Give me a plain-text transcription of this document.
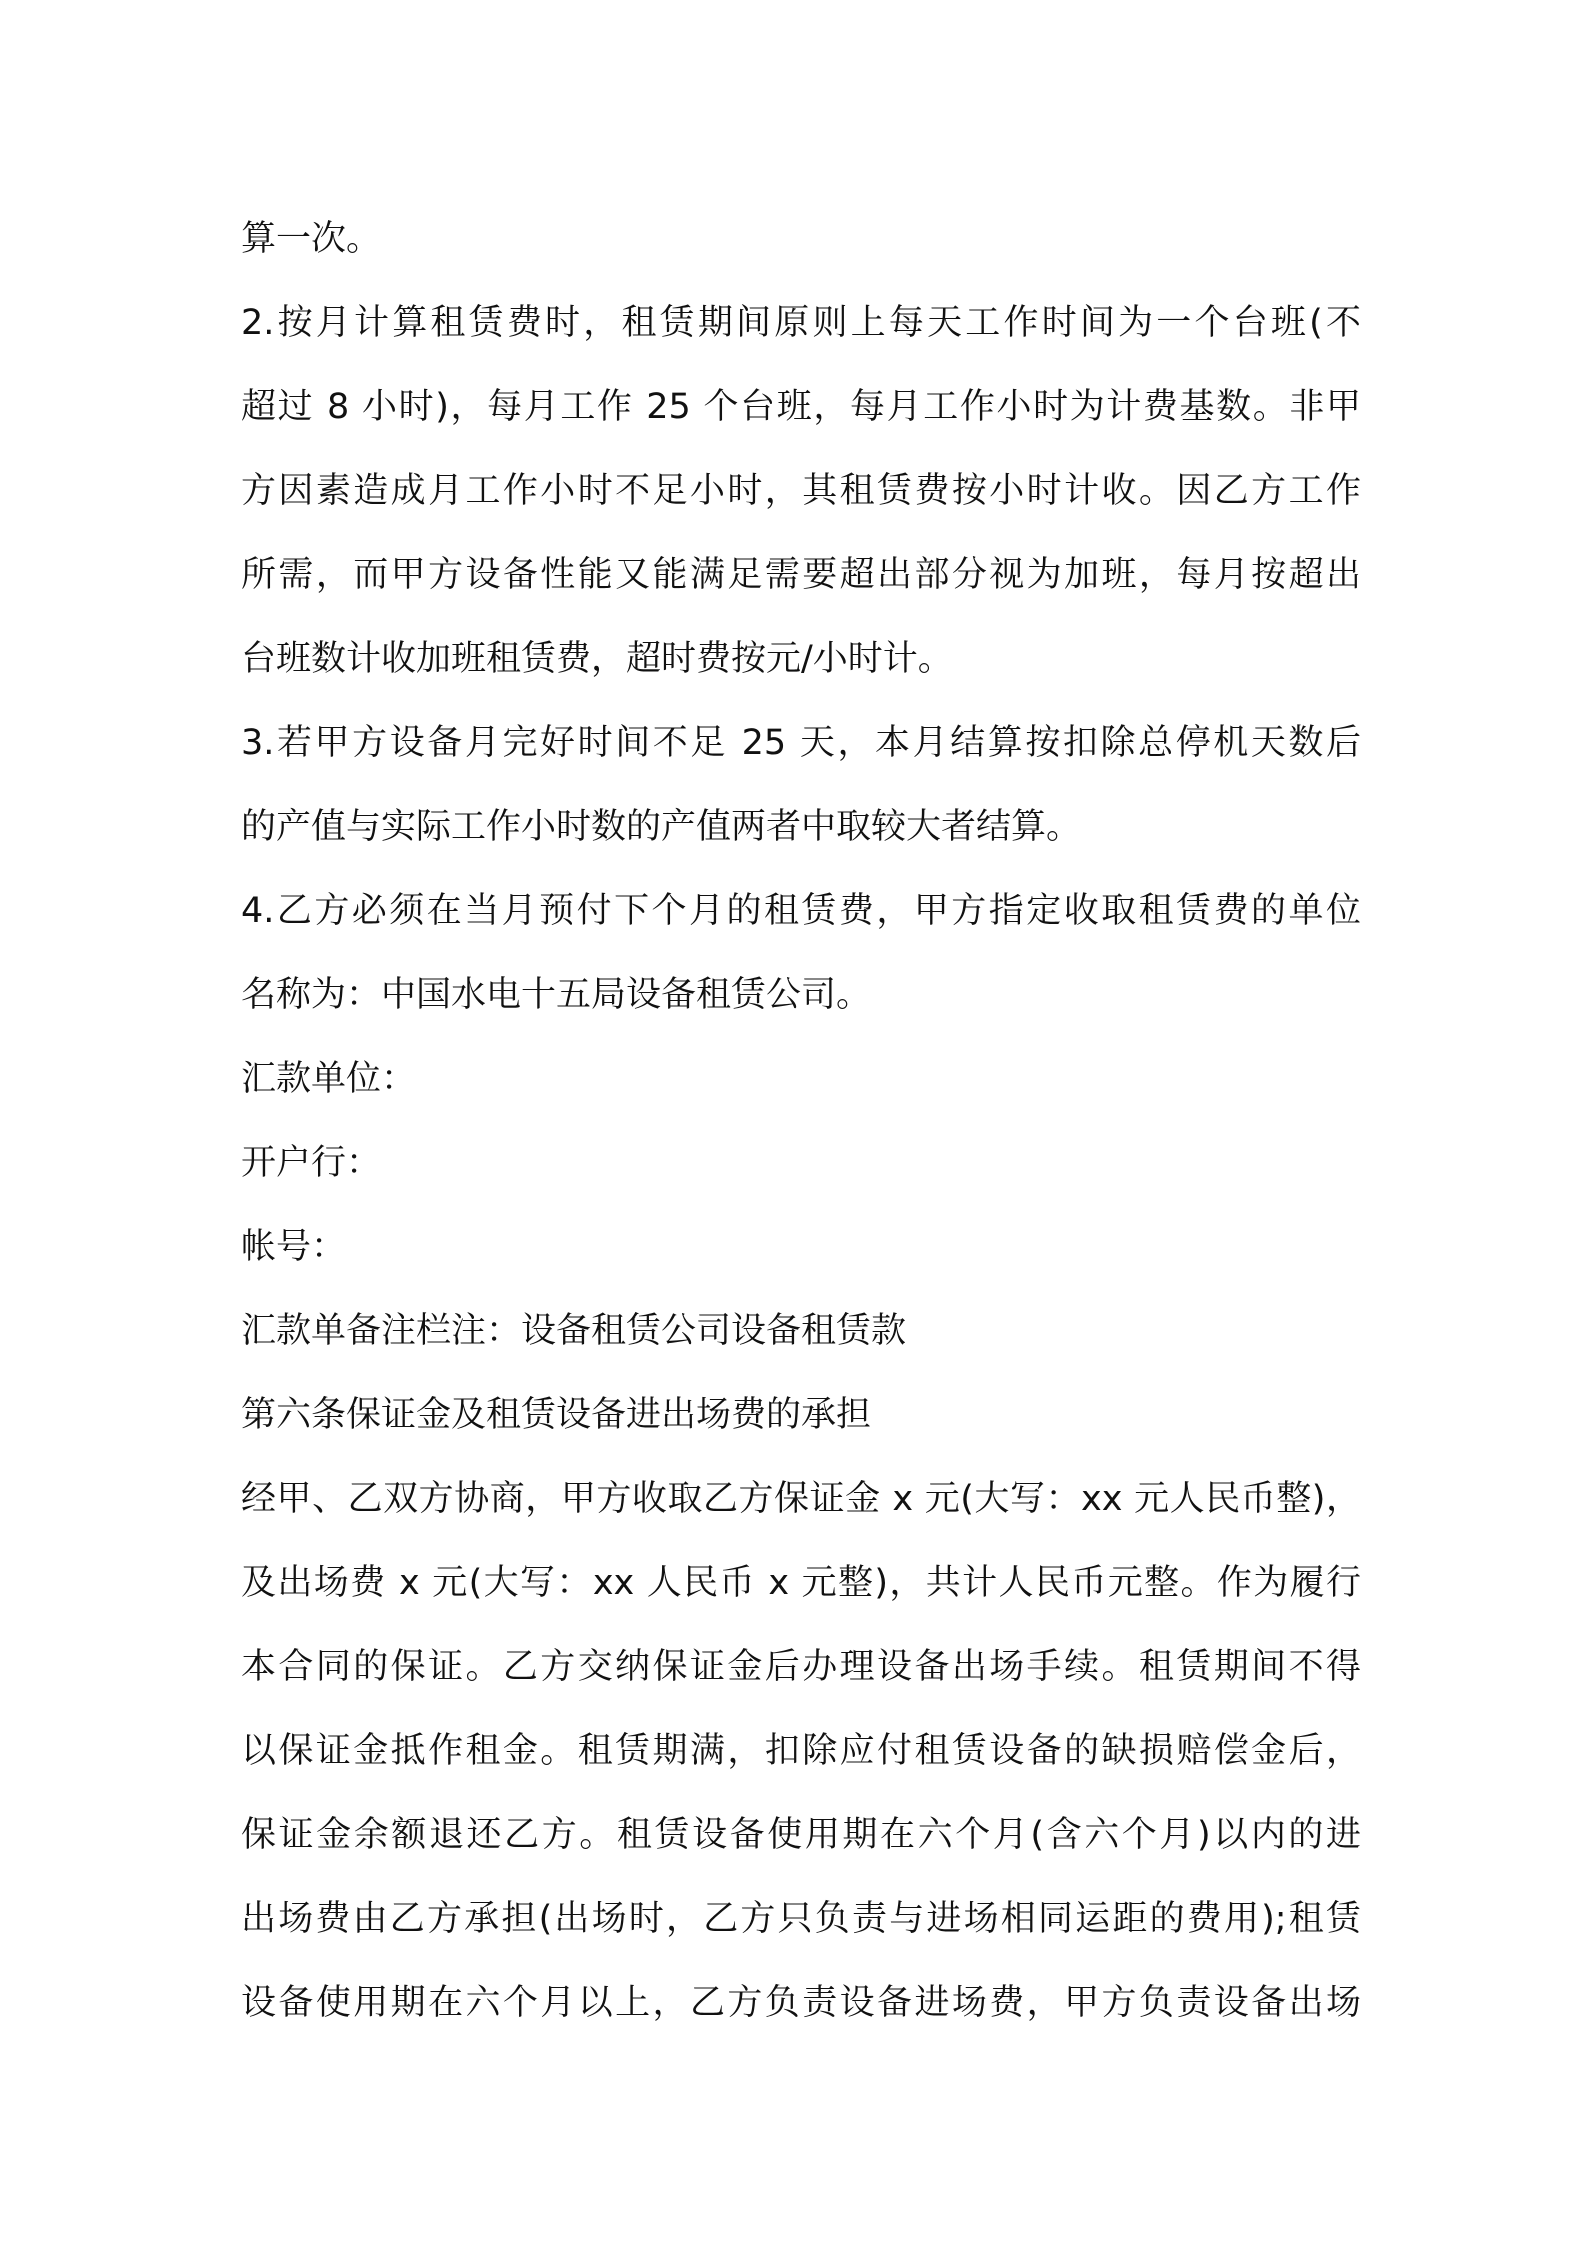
算一次。
2.按月计算租赁费时，租赁期间原则上每天工作时间为一个台班(不
超过 8 小时)，每月工作 25 个台班，每月工作小时为计费基数。非甲
方因素造成月工作小时不足小时，其租赁费按小时计收。因乙方工作
所需，而甲方设备性能又能满足需要超出部分视为加班，每月按超出
台班数计收加班租赁费，超时费按元/小时计。
3.若甲方设备月完好时间不足 25 天，本月结算按扣除总停机天数后
的产值与实际工作小时数的产值两者中取较大者结算。
4.乙方必须在当月预付下个月的租赁费，甲方指定收取租赁费的单位
名称为：中国水电十五局设备租赁公司。
汇款单位：
开户行：
帐号：
汇款单备注栏注：设备租赁公司设备租赁款
第六条保证金及租赁设备进出场费的承担
经甲、乙双方协商，甲方收取乙方保证金 x 元(大写：xx 元人民币整)，
及出场费 x 元(大写：xx 人民币 x 元整)，共计人民币元整。作为履行
本合同的保证。乙方交纳保证金后办理设备出场手续。租赁期间不得
以保证金抵作租金。租赁期满，扣除应付租赁设备的缺损赔偿金后，
保证金余额退还乙方。租赁设备使用期在六个月(含六个月)以内的进
出场费由乙方承担(出场时，乙方只负责与进场相同运距的费用);租赁
设备使用期在六个月以上，乙方负责设备进场费，甲方负责设备出场
